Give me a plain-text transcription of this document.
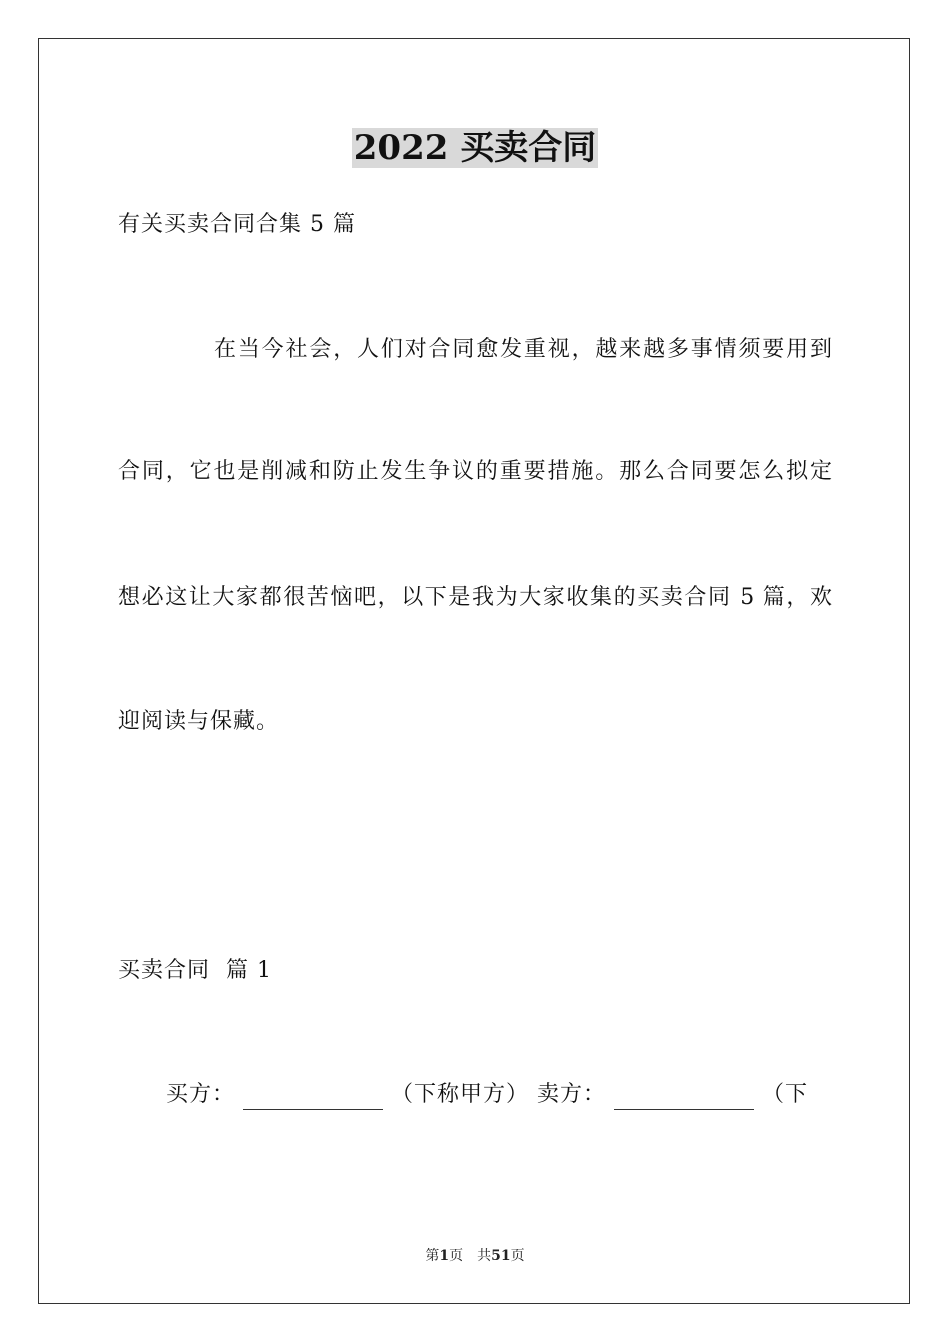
2022 买卖合同
有关买卖合同合集 5 篇
在当今社会，人们对合同愈发重视，越来越多事情须要用到
合同，它也是削减和防止发生争议的重要措施。那么合同要怎么拟定
想必这让大家都很苦恼吧，以下是我为大家收集的买卖合同 5 篇，欢
迎阅读与保藏。
买卖合同  篇 1
买方：	（下称甲方） 卖方：	（下
第1页　共51页
